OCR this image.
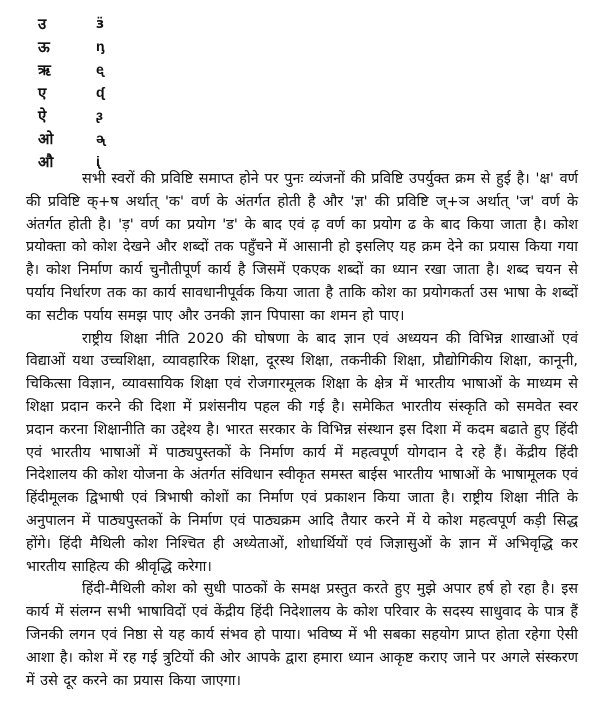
उ	ӟ
ऊ	ᶇ
ऋ	ᶒ
ए	ᶑ
ऐ	ᶔ
ओ	ᶕ
औ	ᶖ

सभी स्वरों की प्रविष्टि समाप्त होने पर पुनः व्यंजनों की प्रविष्टि उपर्युक्त क्रम से हुई है। 'क्ष' वर्ण की प्रविष्टि क्+ष अर्थात् 'क' वर्ण के अंतर्गत होती है और 'ज्ञ' की प्रविष्टि ज्+ञ अर्थात् 'ज' वर्ण के अंतर्गत होती है। 'ड़' वर्ण का प्रयोग 'ड' के बाद एवं ढ़ वर्ण का प्रयोग ढ के बाद किया जाता है। कोश प्रयोक्ता को कोश देखने और शब्दों तक पहुँचने में आसानी हो इसलिए यह क्रम देने का प्रयास किया गया है। कोश निर्माण कार्य चुनौतीपूर्ण कार्य है जिसमें एकएक शब्दों का ध्यान रखा जाता है। शब्द चयन से पर्याय निर्धारण तक का कार्य सावधानीपूर्वक किया जाता है ताकि कोश का प्रयोगकर्ता उस भाषा के शब्दों का सटीक पर्याय समझ पाए और उनकी ज्ञान पिपासा का शमन हो पाए।

राष्ट्रीय शिक्षा नीति 2020 की घोषणा के बाद ज्ञान एवं अध्ययन की विभिन्न शाखाओं एवं विद्याओं यथा उच्चशिक्षा, व्यावहारिक शिक्षा, दूरस्थ शिक्षा, तकनीकी शिक्षा, प्रौद्योगिकीय शिक्षा, कानूनी, चिकित्सा विज्ञान, व्यावसायिक शिक्षा एवं रोजगारमूलक शिक्षा के क्षेत्र में भारतीय भाषाओं के माध्यम से शिक्षा प्रदान करने की दिशा में प्रशंसनीय पहल की गई है। समेकित भारतीय संस्कृति को समवेत स्वर प्रदान करना शिक्षानीति का उद्देश्य है। भारत सरकार के विभिन्न संस्थान इस दिशा में कदम बढाते हुए हिंदी एवं भारतीय भाषाओं में पाठ्यपुस्तकों के निर्माण कार्य में महत्वपूर्ण योगदान दे रहे हैं। केंद्रीय हिंदी निदेशालय की कोश योजना के अंतर्गत संविधान स्वीकृत समस्त बाईस भारतीय भाषाओं के भाषामूलक एवं हिंदीमूलक द्विभाषी एवं त्रिभाषी कोशों का निर्माण एवं प्रकाशन किया जाता है। राष्ट्रीय शिक्षा नीति के अनुपालन में पाठ्यपुस्तकों के निर्माण एवं पाठ्यक्रम आदि तैयार करने में ये कोश महत्वपूर्ण कड़ी सिद्ध होंगे। हिंदी मैथिली कोश निश्चित ही अध्येताओं, शोधार्थियों एवं जिज्ञासुओं के ज्ञान में अभिवृद्धि कर भारतीय साहित्य की श्रीवृद्धि करेगा।

हिंदी-मैथिली कोश को सुधी पाठकों के समक्ष प्रस्तुत करते हुए मुझे अपार हर्ष हो रहा है। इस कार्य में संलग्न सभी भाषाविदों एवं केंद्रीय हिंदी निदेशालय के कोश परिवार के सदस्य साधुवाद के पात्र हैं जिनकी लगन एवं निष्ठा से यह कार्य संभव हो पाया। भविष्य में भी सबका सहयोग प्राप्त होता रहेगा ऐसी आशा है। कोश में रह गई त्रुटियों की ओर आपके द्वारा हमारा ध्यान आकृष्ट कराए जाने पर अगले संस्करण में उसे दूर करने का प्रयास किया जाएगा।
